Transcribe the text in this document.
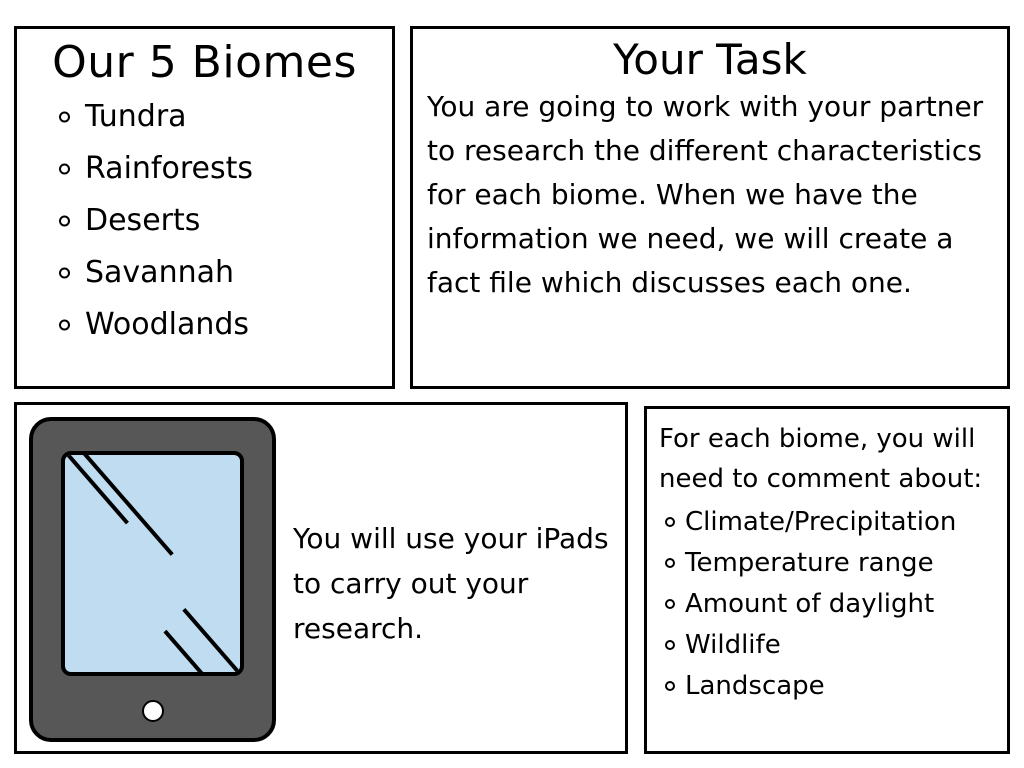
Our 5 Biomes
Tundra
Rainforests
Deserts
Savannah
Woodlands
Your Task

You are going to work with your partner to research the different characteristics for each biome. When we have the information we need, we will create a fact file which discusses each one.

You will use your iPads to carry out your research.

For each biome, you will need to comment about:

Climate/Precipitation
Temperature range
Amount of daylight
Wildlife
Landscape
